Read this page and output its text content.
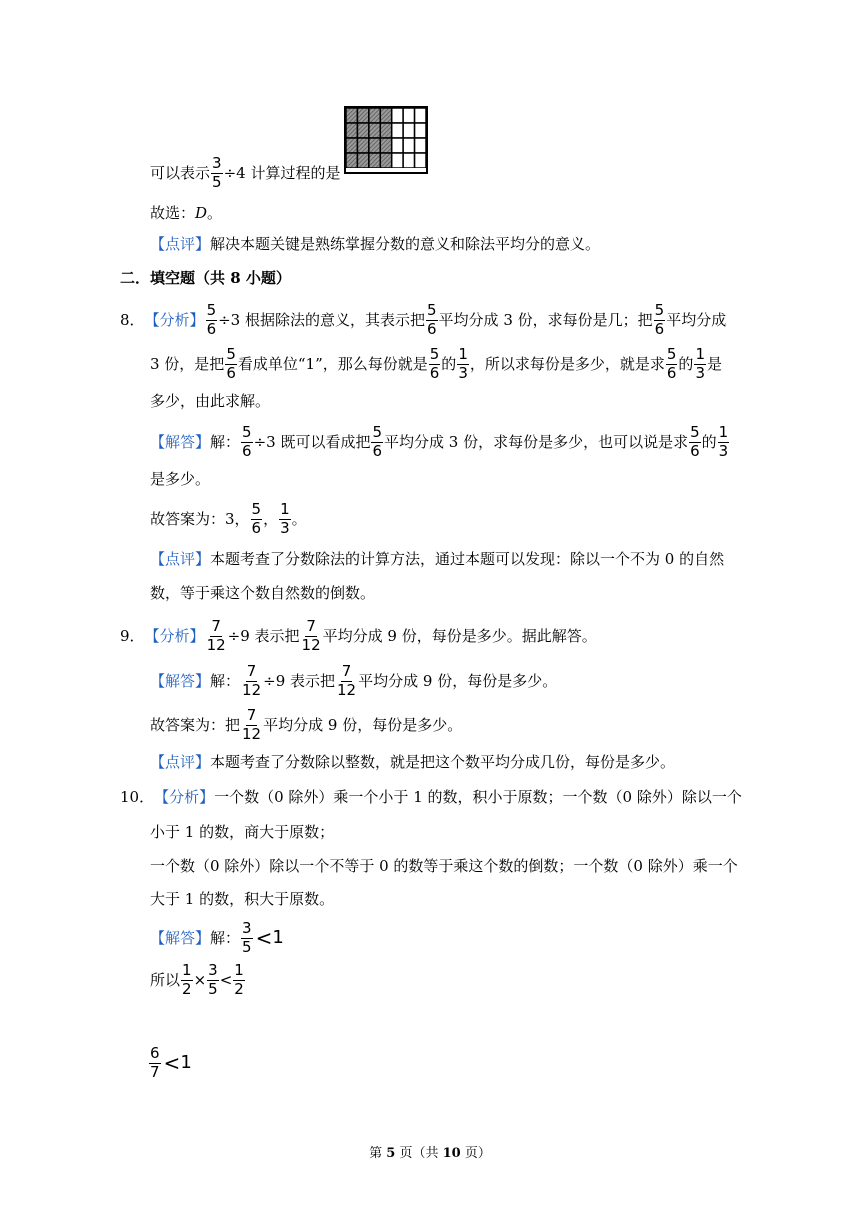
可以表示 $\frac{3}{5} \div 4$ 计算过程的是
故选： D 。
【点评】 解决本题关键是熟练掌握分数的意义和除法平均分的意义。
二．填空题（共 8 小题）
8． 【分析】 $\frac{5}{6} \div 3$ 根据除法的意义，其表示把 $\frac{5}{6}$ 平均分成 3 份，求每份是几；把 $\frac{5}{6}$ 平均分成
3 份，是把 $\frac{5}{6}$ 看成单位“1”，那么每份就是 $\frac{5}{6}$ 的 $\frac{1}{3}$ ，所以求每份是多少，就是求 $\frac{5}{6}$ 的 $\frac{1}{3}$ 是
多少，由此求解。
【解答】 解： $\frac{5}{6} \div 3$ 既可以看成把 $\frac{5}{6}$ 平均分成 3 份，求每份是多少，也可以说是求 $\frac{5}{6}$ 的 $\frac{1}{3}$
是多少。
故答案为：3， $\frac{5}{6}$ ， $\frac{1}{3}$ 。
【点评】 本题考查了分数除法的计算方法，通过本题可以发现：除以一个不为 0 的自然
数，等于乘这个数自然数的倒数。
9． 【分析】 $\frac{7}{12} \div 9$ 表示把 $\frac{7}{12}$ 平均分成 9 份，每份是多少。据此解答。
【解答】 解： $\frac{7}{12} \div 9$ 表示把 $\frac{7}{12}$ 平均分成 9 份，每份是多少。
故答案为：把 $\frac{7}{12}$ 平均分成 9 份，每份是多少。
【点评】 本题考查了分数除以整数，就是把这个数平均分成几份，每份是多少。
10． 【分析】 一个数（0 除外）乘一个小于 1 的数，积小于原数；一个数（0 除外）除以一个
小于 1 的数，商大于原数；
一个数（0 除外）除以一个不等于 0 的数等于乘这个数的倒数；一个数（0 除外）乘一个
大于 1 的数，积大于原数。
【解答】 解： $\frac{3}{5} < 1$
所以 $\frac{1}{2} \times \frac{3}{5} < \frac{1}{2}$
$\frac{6}{7} < 1$
第 5 页（共 10 页）
